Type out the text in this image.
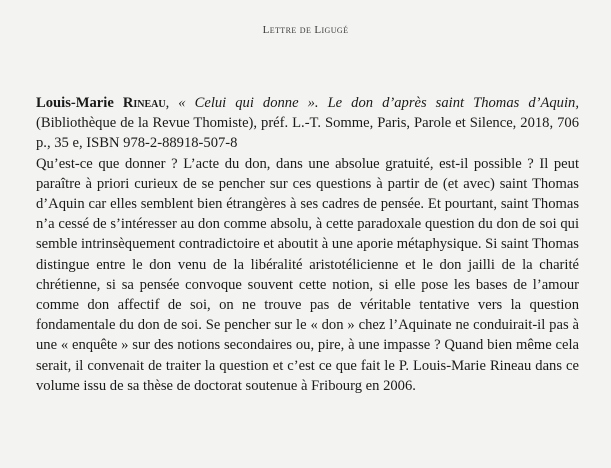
Lettre de Ligugé

Louis-Marie Rineau, « Celui qui donne ». Le don d’après saint Thomas d’Aquin, (Bibliothèque de la Revue Thomiste), préf. L.-T. Somme, Paris, Parole et Silence, 2018, 706 p., 35 e, ISBN 978-2-88918-507-8

Qu’est-ce que donner ? L’acte du don, dans une absolue gratuité, est-il possible ? Il peut paraître à priori curieux de se pencher sur ces questions à partir de (et avec) saint Thomas d’Aquin car elles semblent bien étrangères à ses cadres de pensée. Et pourtant, saint Thomas n’a cessé de s’intéresser au don comme absolu, à cette paradoxale question du don de soi qui semble intrinsèquement contradictoire et aboutit à une aporie métaphysique. Si saint Thomas distingue entre le don venu de la libéralité aristotélicienne et le don jailli de la charité chrétienne, si sa pensée convoque souvent cette notion, si elle pose les bases de l’amour comme don affectif de soi, on ne trouve pas de véritable tentative vers la question fondamentale du don de soi. Se pencher sur le « don » chez l’Aquinate ne conduirait-il pas à une « enquête » sur des notions secondaires ou, pire, à une impasse ? Quand bien même cela serait, il convenait de traiter la question et c’est ce que fait le P. Louis-Marie Rineau dans ce volume issu de sa thèse de doctorat soutenue à Fribourg en 2006.
